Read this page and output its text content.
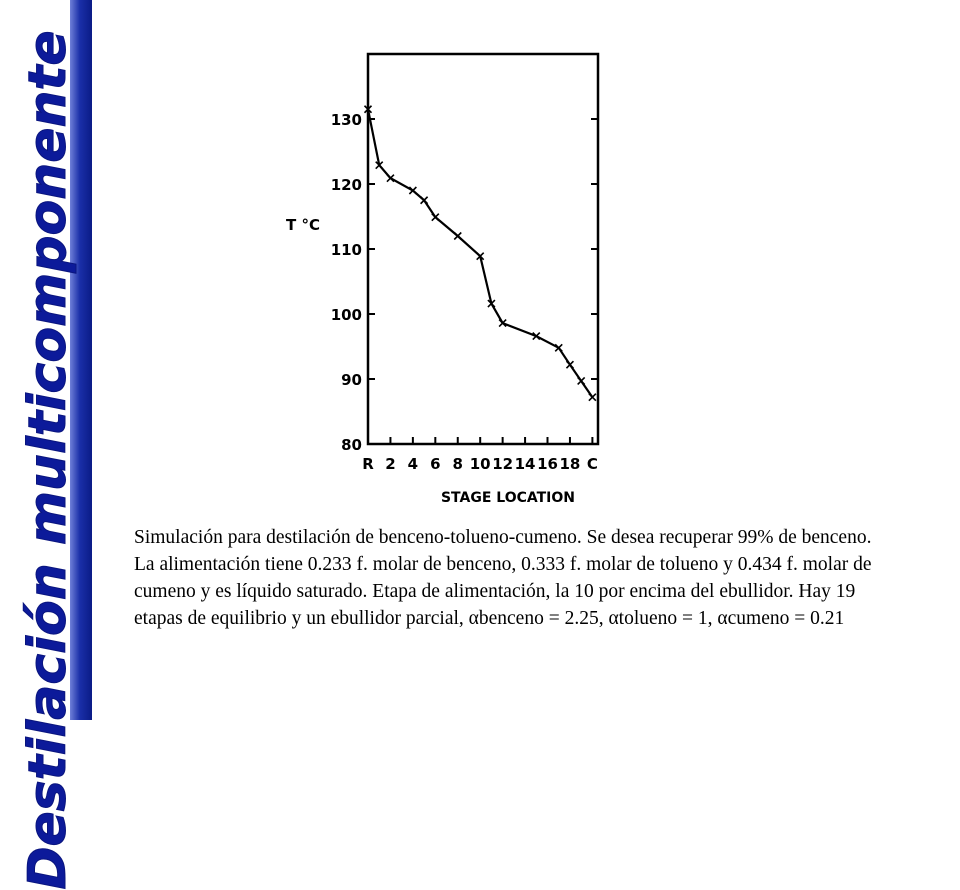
Destilación multicomponente	80
90
100
110
120
130
R 2 4 6 8 10 12 14 16 18 C
T °C
STAGE LOCATION
Simulación para destilación de benceno-tolueno-cumeno. Se desea recuperar 99% de benceno. La alimentación tiene 0.233 f. molar de benceno, 0.333 f. molar de tolueno y 0.434 f. molar de cumeno y es líquido saturado. Etapa de alimentación, la 10 por encima del ebullidor. Hay 19 etapas de equilibrio y un ebullidor parcial, αbenceno = 2.25, αtolueno = 1, αcumeno = 0.21
